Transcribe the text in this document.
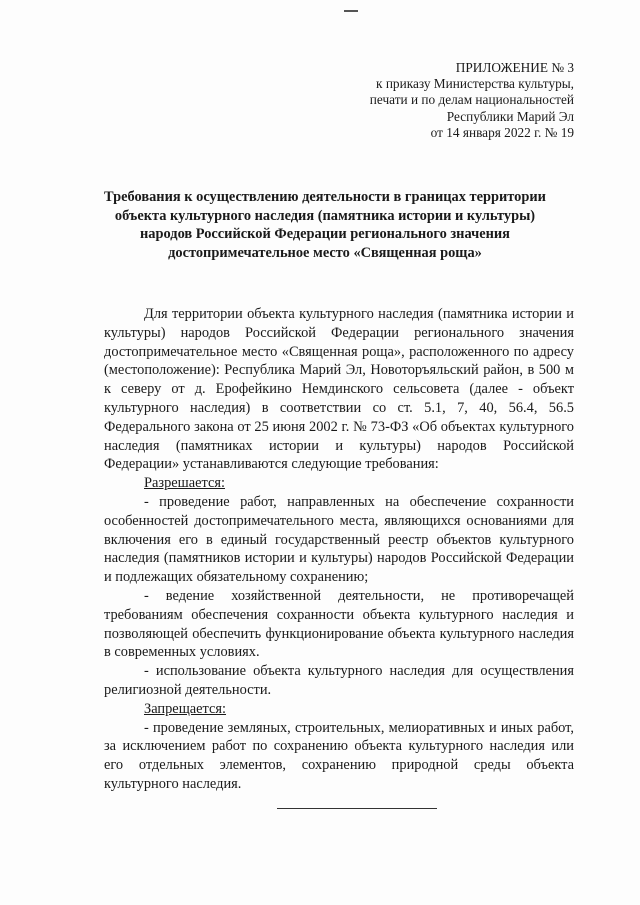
ПРИЛОЖЕНИЕ № 3
к приказу Министерства культуры,
печати и по делам национальностей
Республики Марий Эл
от 14 января 2022 г. № 19
Требования к осуществлению деятельности в границах территории
объекта культурного наследия (памятника истории и культуры)
народов Российской Федерации регионального значения
достопримечательное место «Священная роща»

Для территории объекта культурного наследия (памятника истории и культуры) народов Российской Федерации регионального значения достопримечательное место «Священная роща», расположенного по адресу (местоположение): Республика Марий Эл, Новоторъяльский район, в 500 м к северу от д. Ерофейкино Немдинского сельсовета (далее - объект культурного наследия) в соответствии со ст. 5.1, 7, 40, 56.4, 56.5 Федерального закона от 25 июня 2002 г. № 73-ФЗ «Об объектах культурного наследия (памятниках истории и культуры) народов Российской Федерации» устанавливаются следующие требования:

Разрешается:

- проведение работ, направленных на обеспечение сохранности особенностей достопримечательного места, являющихся основаниями для включения его в единый государственный реестр объектов культурного наследия (памятников истории и культуры) народов Российской Федерации и подлежащих обязательному сохранению;

- ведение хозяйственной деятельности, не противоречащей требованиям обеспечения сохранности объекта культурного наследия и позволяющей обеспечить функционирование объекта культурного наследия в современных условиях.

- использование объекта культурного наследия для осуществления религиозной деятельности.

Запрещается:

- проведение земляных, строительных, мелиоративных и иных работ, за исключением работ по сохранению объекта культурного наследия или его отдельных элементов, сохранению природной среды объекта культурного наследия.
